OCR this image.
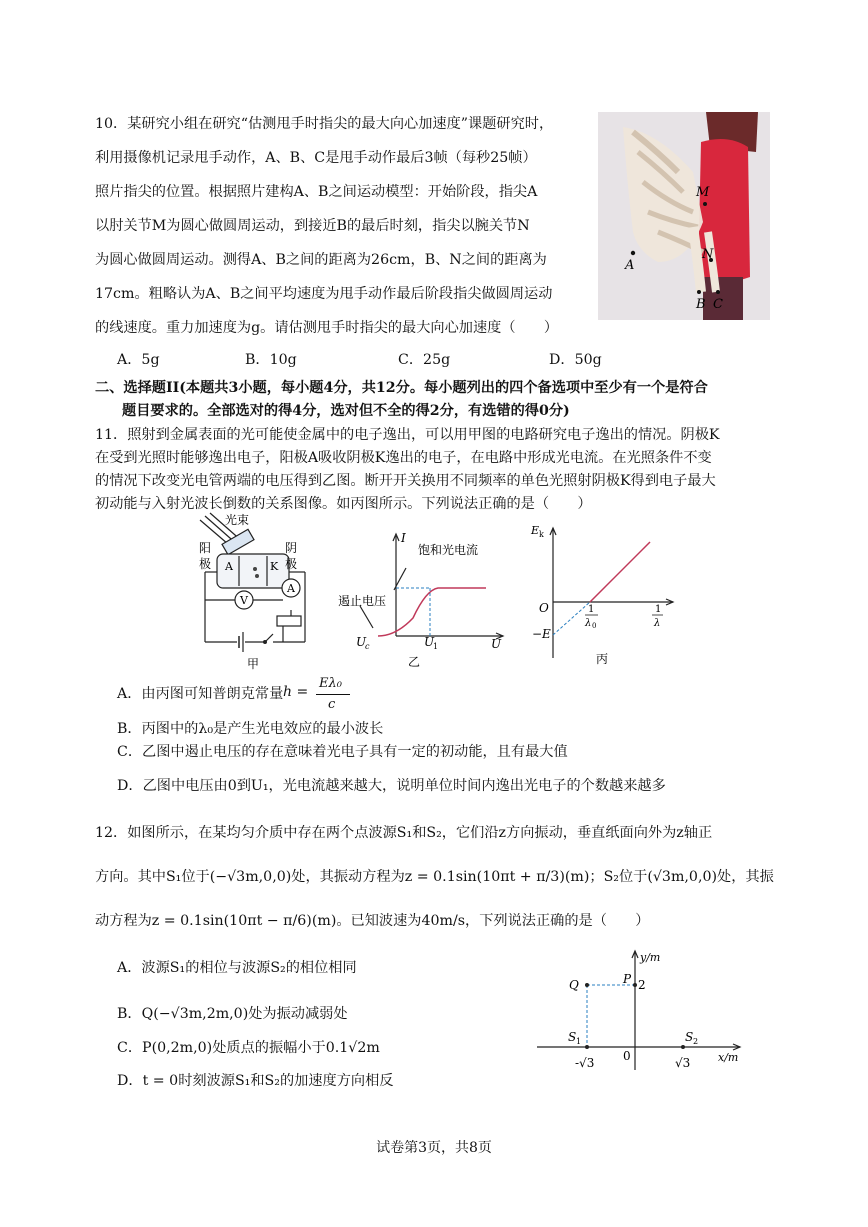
10．某研究小组在研究“估测甩手时指尖的最大向心加速度”课题研究时，
利用摄像机记录甩手动作，A、B、C是甩手动作最后3帧（每秒25帧）
照片指尖的位置。根据照片建构A、B之间运动模型：开始阶段，指尖A
以肘关节M为圆心做圆周运动，到接近B的最后时刻，指尖以腕关节N
为圆心做圆周运动。测得A、B之间的距离为26cm，B、N之间的距离为
17cm。粗略认为A、B之间平均速度为甩手动作最后阶段指尖做圆周运动
的线速度。重力加速度为g。请估测甩手时指尖的最大向心加速度（　　）
M
N
A
B C
A．5g	B．10g	C．25g	D．50g
二、选择题II(本题共3小题，每小题4分，共12分。每小题列出的四个备选项中至少有一个是符合
题目要求的。全部选对的得4分，选对但不全的得2分，有选错的得0分)
11．照射到金属表面的光可能使金属中的电子逸出，可以用甲图的电路研究电子逸出的情况。阴极K
在受到光照时能够逸出电子，阳极A吸收阴极K逸出的电子，在电路中形成光电流。在光照条件不变
的情况下改变光电管两端的电压得到乙图。断开开关换用不同频率的单色光照射阴极K得到电子最大
初动能与入射光波长倒数的关系图像。如丙图所示。下列说法正确的是（　　）
光束
阳
极
阴
极
A	K
V
A
甲
I
饱和光电流
遏止电压
U
c	U
1	U
乙
E k
O
−E
1
λ 0
1
λ
丙
A．由丙图可知普朗克常量 h =
Eλ₀
c
B．丙图中的λ₀是产生光电效应的最小波长
C．乙图中遏止电压的存在意味着光电子具有一定的初动能，且有最大值
D．乙图中电压由0到U₁，光电流越来越大，说明单位时间内逸出光电子的个数越来越多
12．如图所示，在某均匀介质中存在两个点波源S₁和S₂，它们沿z方向振动，垂直纸面向外为z轴正
方向。其中S₁位于(−√3m,0,0)处，其振动方程为z = 0.1sin(10πt + π/3)(m)；S₂位于(√3m,0,0)处，其振
动方程为z = 0.1sin(10πt − π/6)(m)。已知波速为40m/s，下列说法正确的是（　　）
A．波源S₁的相位与波源S₂的相位相同
B．Q(−√3m,2m,0)处为振动减弱处
C．P(0,2m,0)处质点的振幅小于0.1√2m
D．t = 0时刻波源S₁和S₂的加速度方向相反
y/m
x/m
P
Q	2
S 1	S 2
0
-√3	√3
试卷第3页，共8页
